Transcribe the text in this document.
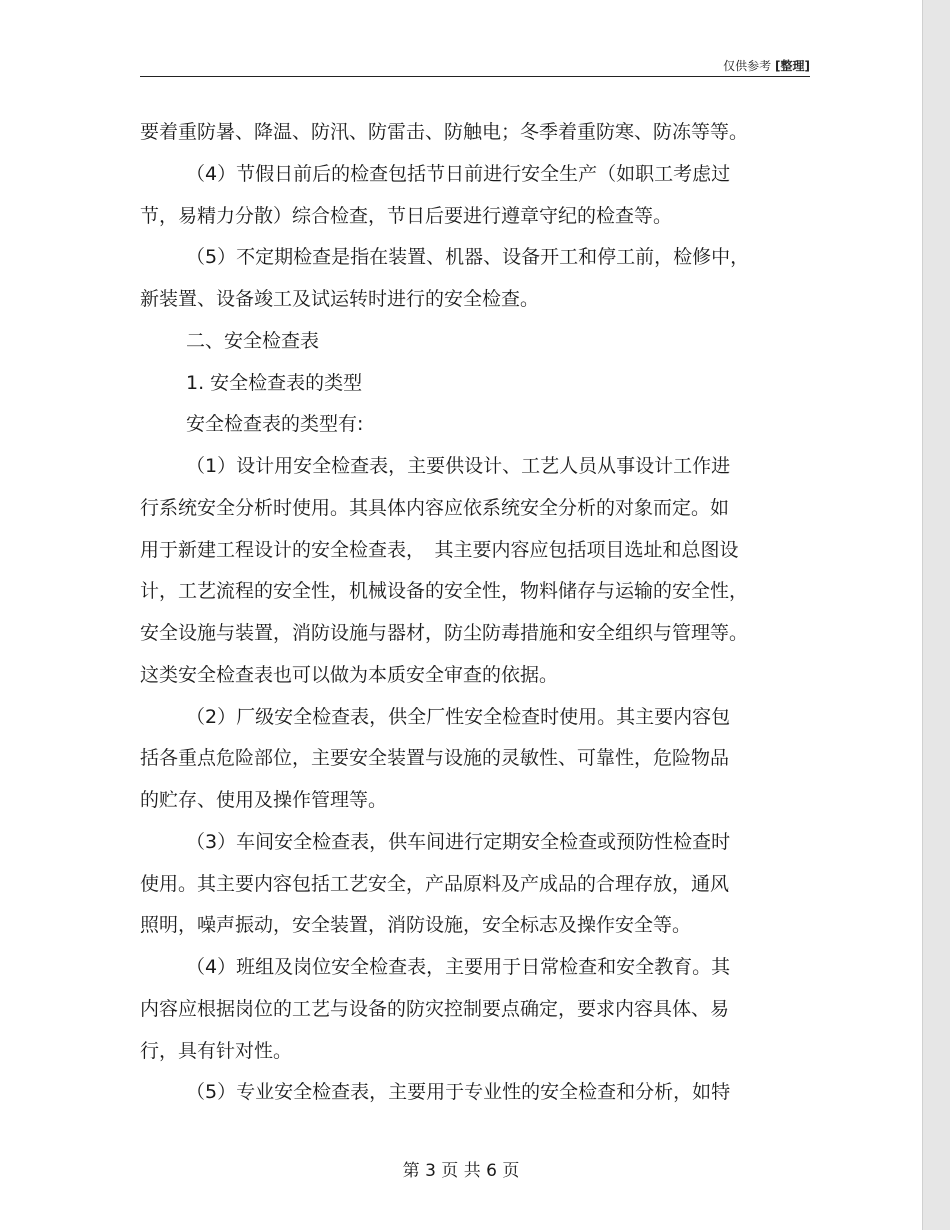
仅供参考 [整理]
要着重防暑、降温、防汛、防雷击、防触电；冬季着重防寒、防冻等等。
（4）节假日前后的检查包括节日前进行安全生产（如职工考虑过
节，易精力分散）综合检查，节日后要进行遵章守纪的检查等。
（5）不定期检查是指在装置、机器、设备开工和停工前，检修中，
新装置、设备竣工及试运转时进行的安全检查。
二、安全检查表
1. 安全检查表的类型
安全检查表的类型有:
（1）设计用安全检查表，主要供设计、工艺人员从事设计工作进
行系统安全分析时使用。其具体内容应依系统安全分析的对象而定。如
用于新建工程设计的安全检查表，　其主要内容应包括项目选址和总图设
计，工艺流程的安全性，机械设备的安全性，物料储存与运输的安全性，
安全设施与装置，消防设施与器材，防尘防毒措施和安全组织与管理等。
这类安全检查表也可以做为本质安全审查的依据。
（2）厂级安全检查表，供全厂性安全检查时使用。其主要内容包
括各重点危险部位，主要安全装置与设施的灵敏性、可靠性，危险物品
的贮存、使用及操作管理等。
（3）车间安全检查表，供车间进行定期安全检查或预防性检查时
使用。其主要内容包括工艺安全，产品原料及产成品的合理存放，通风
照明，噪声振动，安全装置，消防设施，安全标志及操作安全等。
（4）班组及岗位安全检查表，主要用于日常检查和安全教育。其
内容应根据岗位的工艺与设备的防灾控制要点确定，要求内容具体、易
行，具有针对性。
（5）专业安全检查表，主要用于专业性的安全检查和分析，如特
第 3 页 共 6 页
